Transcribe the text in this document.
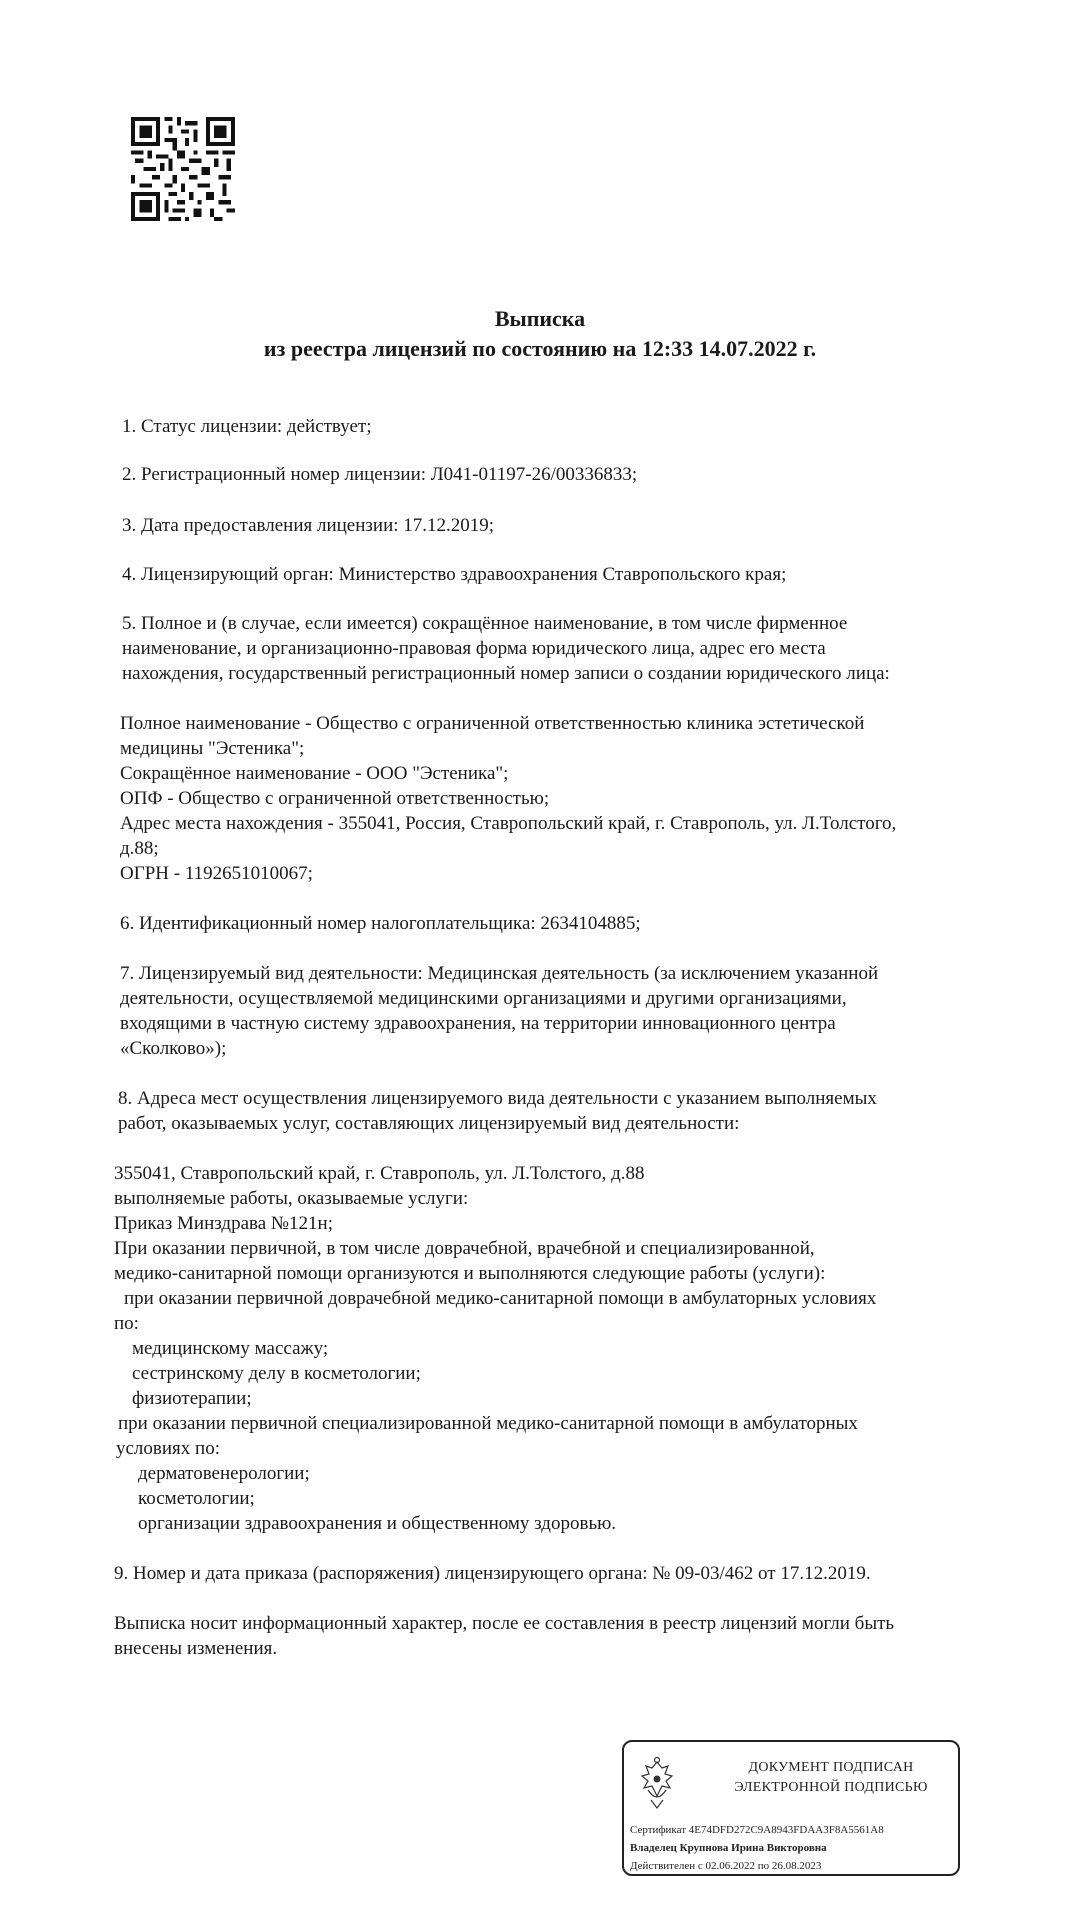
Выписка
из реестра лицензий по состоянию на 12:33 14.07.2022 г.
1. Статус лицензии: действует;
2. Регистрационный номер лицензии: Л041-01197-26/00336833;
3. Дата предоставления лицензии: 17.12.2019;
4. Лицензирующий орган: Министерство здравоохранения Ставропольского края;
5. Полное и (в случае, если имеется) сокращённое наименование, в том числе фирменное
наименование, и организационно-правовая форма юридического лица, адрес его места
нахождения, государственный регистрационный номер записи о создании юридического лица:
Полное наименование - Общество с ограниченной ответственностью клиника эстетической
медицины "Эстеника";
Сокращённое наименование - ООО "Эстеника";
ОПФ - Общество с ограниченной ответственностью;
Адрес места нахождения - 355041, Россия, Ставропольский край, г. Ставрополь, ул. Л.Толстого,
д.88;
ОГРН - 1192651010067;
6. Идентификационный номер налогоплательщика: 2634104885;
7. Лицензируемый вид деятельности: Медицинская деятельность (за исключением указанной
деятельности, осуществляемой медицинскими организациями и другими организациями,
входящими в частную систему здравоохранения, на территории инновационного центра
«Сколково»);
8. Адреса мест осуществления лицензируемого вида деятельности с указанием выполняемых
работ, оказываемых услуг, составляющих лицензируемый вид деятельности:
355041, Ставропольский край, г. Ставрополь, ул. Л.Толстого, д.88
выполняемые работы, оказываемые услуги:
Приказ Минздрава №121н;
При оказании первичной, в том числе доврачебной, врачебной и специализированной,
медико-санитарной помощи организуются и выполняются следующие работы (услуги):
при оказании первичной доврачебной медико-санитарной помощи в амбулаторных условиях
по:
медицинскому массажу;
сестринскому делу в косметологии;
физиотерапии;
при оказании первичной специализированной медико-санитарной помощи в амбулаторных
условиях по:
дерматовенерологии;
косметологии;
организации здравоохранения и общественному здоровью.
9. Номер и дата приказа (распоряжения) лицензирующего органа: № 09-03/462 от 17.12.2019.
Выписка носит информационный характер, после ее составления в реестр лицензий могли быть
внесены изменения.
ДОКУМЕНТ ПОДПИСАН
ЭЛЕКТРОННОЙ ПОДПИСЬЮ
Сертификат 4E74DFD272C9A8943FDAA3F8A5561A8
Владелец Крупнова Ирина Викторовна
Действителен с 02.06.2022 по 26.08.2023
